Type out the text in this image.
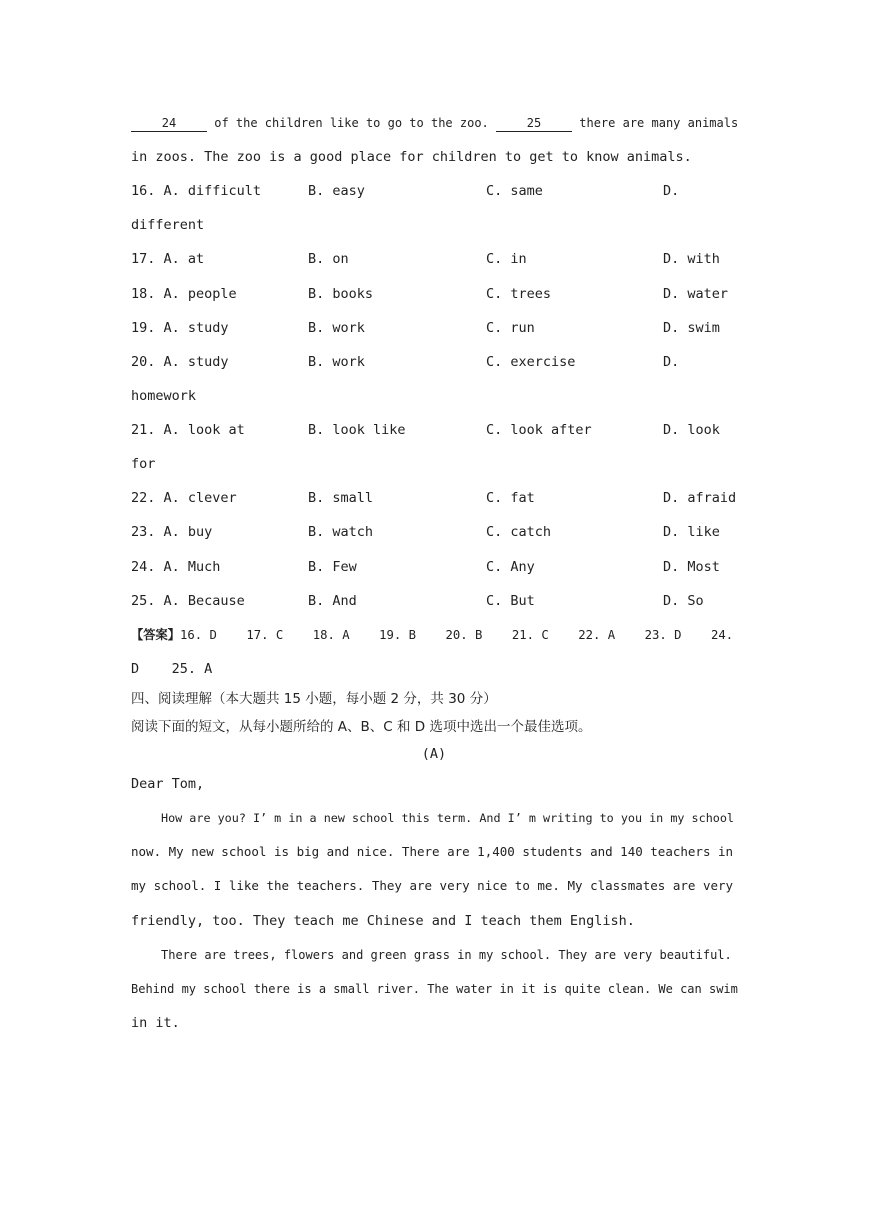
24	of the children like to go to the zoo.	25	there are many animals
in zoos. The zoo is a good place for children to get to know animals.
16. A. difficult	B. easy	C. same	D.
different
17. A. at	B. on	C. in	D. with
18. A. people	B. books	C. trees	D. water
19. A. study	B. work	C. run	D. swim
20. A. study	B. work	C. exercise	D.
homework
21. A. look at	B. look like	C. look after	D. look
for
22. A. clever	B. small	C. fat	D. afraid
23. A. buy	B. watch	C. catch	D. like
24. A. Much	B. Few	C. Any	D. Most
25. A. Because	B. And	C. But	D. So
【答案】16. D    17. C    18. A    19. B    20. B    21. C    22. A    23. D    24.
D    25. A
四、阅读理解（本大题共 15 小题，每小题 2 分，共 30 分）
阅读下面的短文，从每小题所给的 A、B、C 和 D 选项中选出一个最佳选项。
(A)
Dear Tom,
How are you? I’ m in a new school this term. And I’ m writing to you in my school
now. My new school is big and nice. There are 1,400 students and 140 teachers in
my school. I like the teachers. They are very nice to me. My classmates are very
friendly, too. They teach me Chinese and I teach them English.
There are trees, flowers and green grass in my school. They are very beautiful.
Behind my school there is a small river. The water in it is quite clean. We can swim
in it.
